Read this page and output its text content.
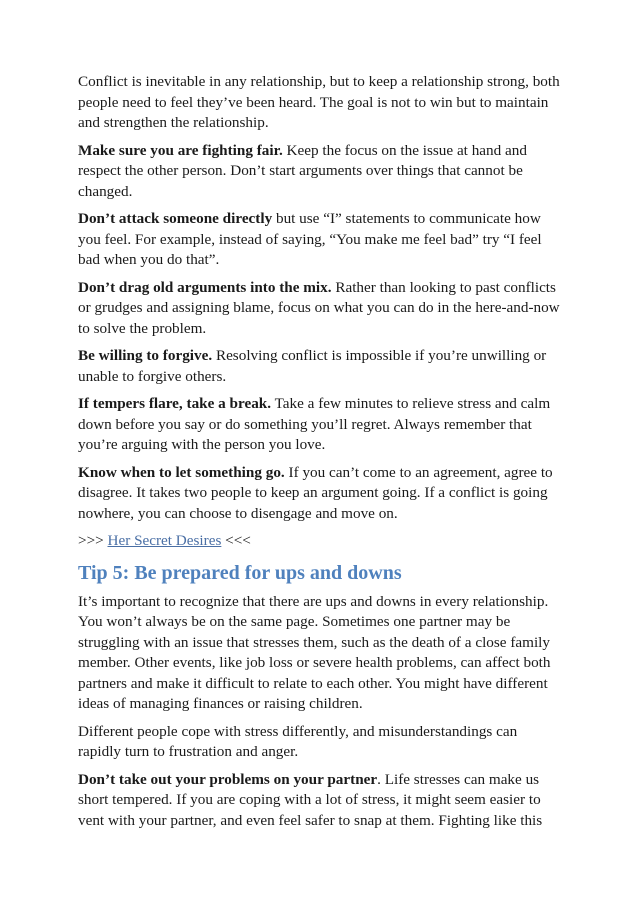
Conflict is inevitable in any relationship, but to keep a relationship strong, both people need to feel they’ve been heard. The goal is not to win but to maintain and strengthen the relationship.

Make sure you are fighting fair. Keep the focus on the issue at hand and respect the other person. Don’t start arguments over things that cannot be changed.

Don’t attack someone directly but use “I” statements to communicate how you feel. For example, instead of saying, “You make me feel bad” try “I feel bad when you do that”.

Don’t drag old arguments into the mix. Rather than looking to past conflicts or grudges and assigning blame, focus on what you can do in the here-and-now to solve the problem.

Be willing to forgive. Resolving conflict is impossible if you’re unwilling or unable to forgive others.

If tempers flare, take a break. Take a few minutes to relieve stress and calm down before you say or do something you’ll regret. Always remember that you’re arguing with the person you love.

Know when to let something go. If you can’t come to an agreement, agree to disagree. It takes two people to keep an argument going. If a conflict is going nowhere, you can choose to disengage and move on.

>>> Her Secret Desires <<<

Tip 5: Be prepared for ups and downs

It’s important to recognize that there are ups and downs in every relationship. You won’t always be on the same page. Sometimes one partner may be struggling with an issue that stresses them, such as the death of a close family member. Other events, like job loss or severe health problems, can affect both partners and make it difficult to relate to each other. You might have different ideas of managing finances or raising children.

Different people cope with stress differently, and misunderstandings can rapidly turn to frustration and anger.

Don’t take out your problems on your partner. Life stresses can make us short tempered. If you are coping with a lot of stress, it might seem easier to vent with your partner, and even feel safer to snap at them. Fighting like this
